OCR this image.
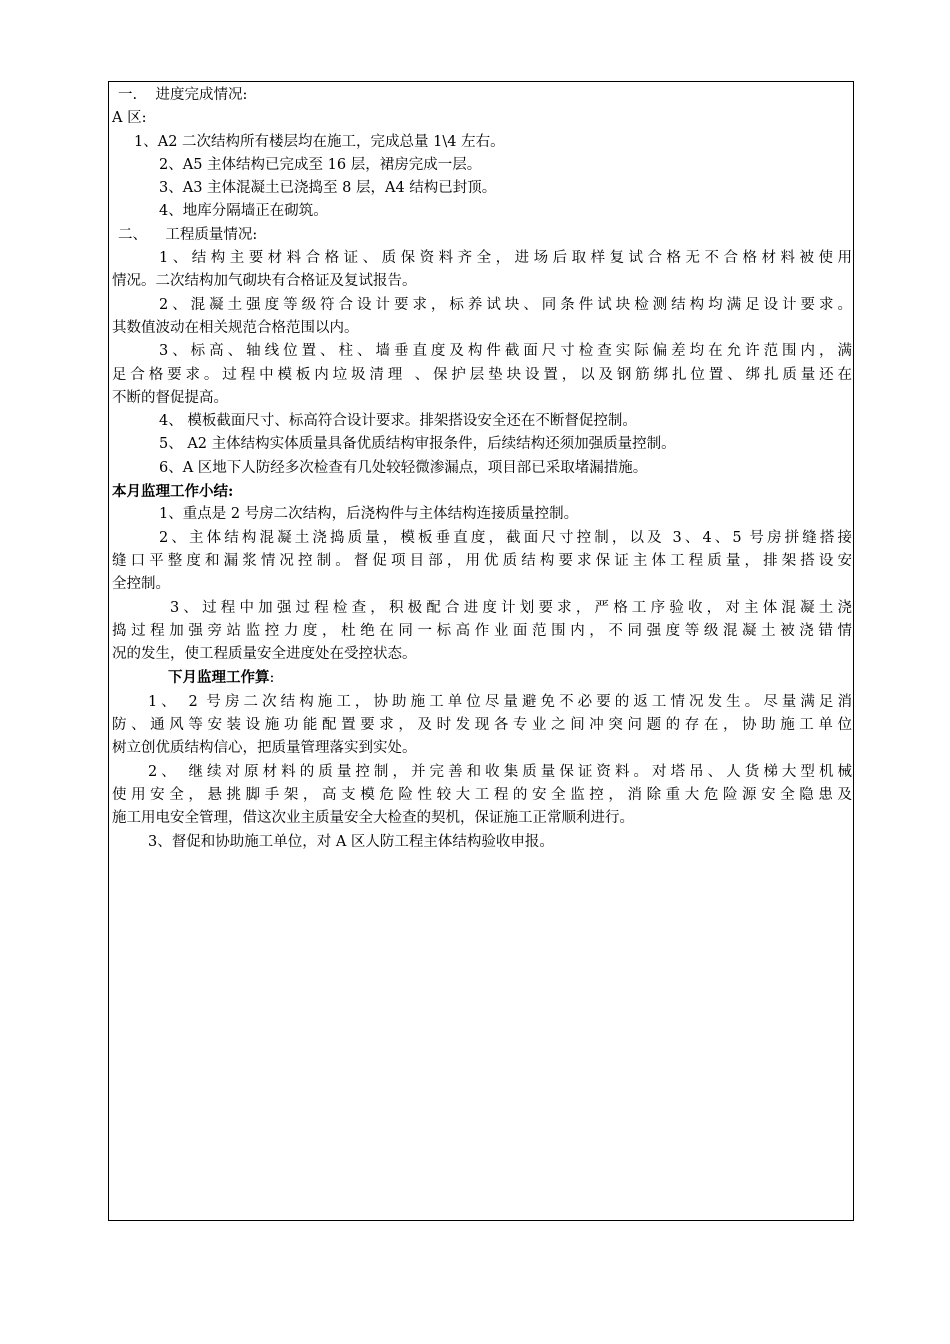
一.    进度完成情况:
A 区:
1、A2 二次结构所有楼层均在施工，完成总量 1\4 左右。
2、A5 主体结构已完成至 16 层，裙房完成一层。
3、A3 主体混凝土已浇捣至 8 层，A4 结构已封顶。
4、地库分隔墙正在砌筑。
二、    工程质量情况:
1、结构主要材料合格证、质保资料齐全，进场后取样复试合格无不合格材料被使用
情况。二次结构加气砌块有合格证及复试报告。
2、混凝土强度等级符合设计要求，标养试块、同条件试块检测结构均满足设计要求。
其数值波动在相关规范合格范围以内。
3、标高、轴线位置、柱、墙垂直度及构件截面尺寸检查实际偏差均在允许范围内，满
足合格要求。过程中模板内垃圾清理 、保护层垫块设置，以及钢筋绑扎位置、绑扎质量还在
不断的督促提高。
4、 模板截面尺寸、标高符合设计要求。排架搭设安全还在不断督促控制。
5、 A2 主体结构实体质量具备优质结构审报条件，后续结构还须加强质量控制。
6、A 区地下人防经多次检查有几处较轻微渗漏点，项目部已采取堵漏措施。
本月监理工作小结:
1、重点是 2 号房二次结构，后浇构件与主体结构连接质量控制。
2、主体结构混凝土浇捣质量，模板垂直度，截面尺寸控制，以及 3、4、5 号房拼缝搭接
缝口平整度和漏浆情况控制。督促项目部，用优质结构要求保证主体工程质量，排架搭设安
全控制。
3、过程中加强过程检查，积极配合进度计划要求，严格工序验收，对主体混凝土浇
捣过程加强旁站监控力度，杜绝在同一标高作业面范围内，不同强度等级混凝土被浇错情
况的发生，使工程质量安全进度处在受控状态。
下月监理工作算:
1、 2 号房二次结构施工，协助施工单位尽量避免不必要的返工情况发生。尽量满足消
防、通风等安装设施功能配置要求，及时发现各专业之间冲突问题的存在，协助施工单位
树立创优质结构信心，把质量管理落实到实处。
2、 继续对原材料的质量控制，并完善和收集质量保证资料。对塔吊、人货梯大型机械
使用安全，悬挑脚手架，高支模危险性较大工程的安全监控，消除重大危险源安全隐患及
施工用电安全管理，借这次业主质量安全大检查的契机，保证施工正常顺利进行。
3、督促和协助施工单位，对 A 区人防工程主体结构验收申报。
